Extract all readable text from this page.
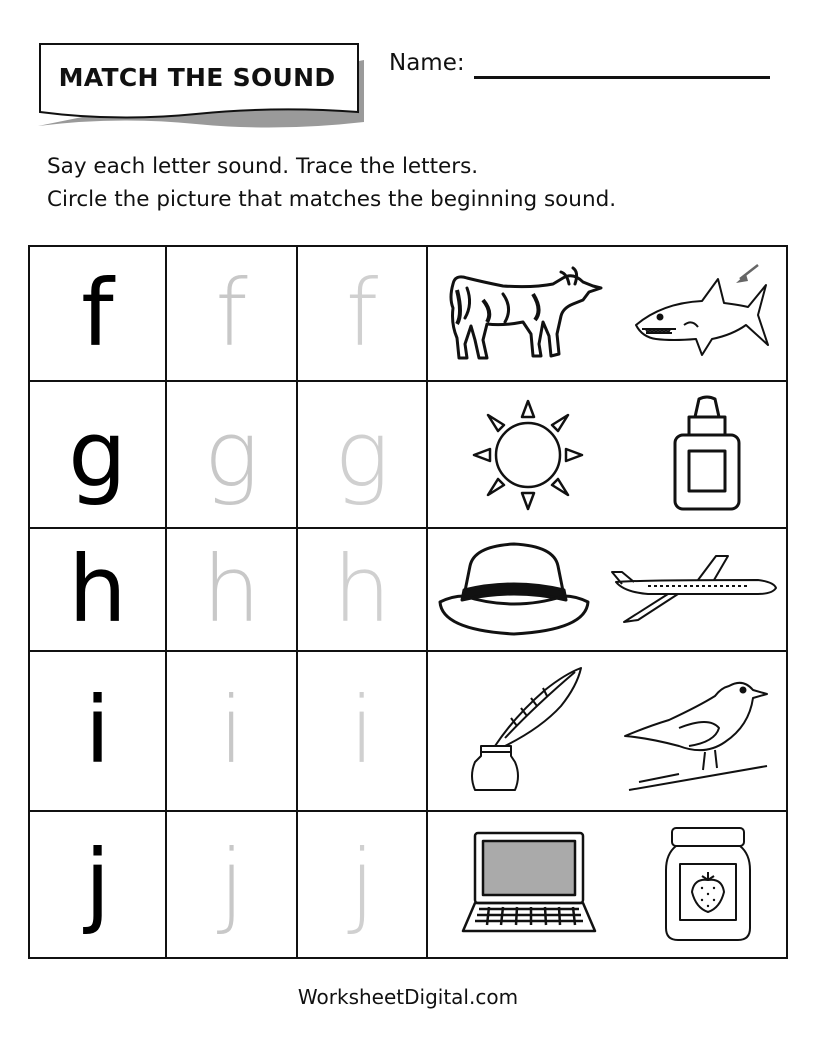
MATCH THE SOUND	Name:
Say each letter sound. Trace the letters.
Circle the picture that matches the beginning sound.
f	f	f	

g	g	g	

h	h	h	

i	i	i	

j	j	j	
WorksheetDigital.com
